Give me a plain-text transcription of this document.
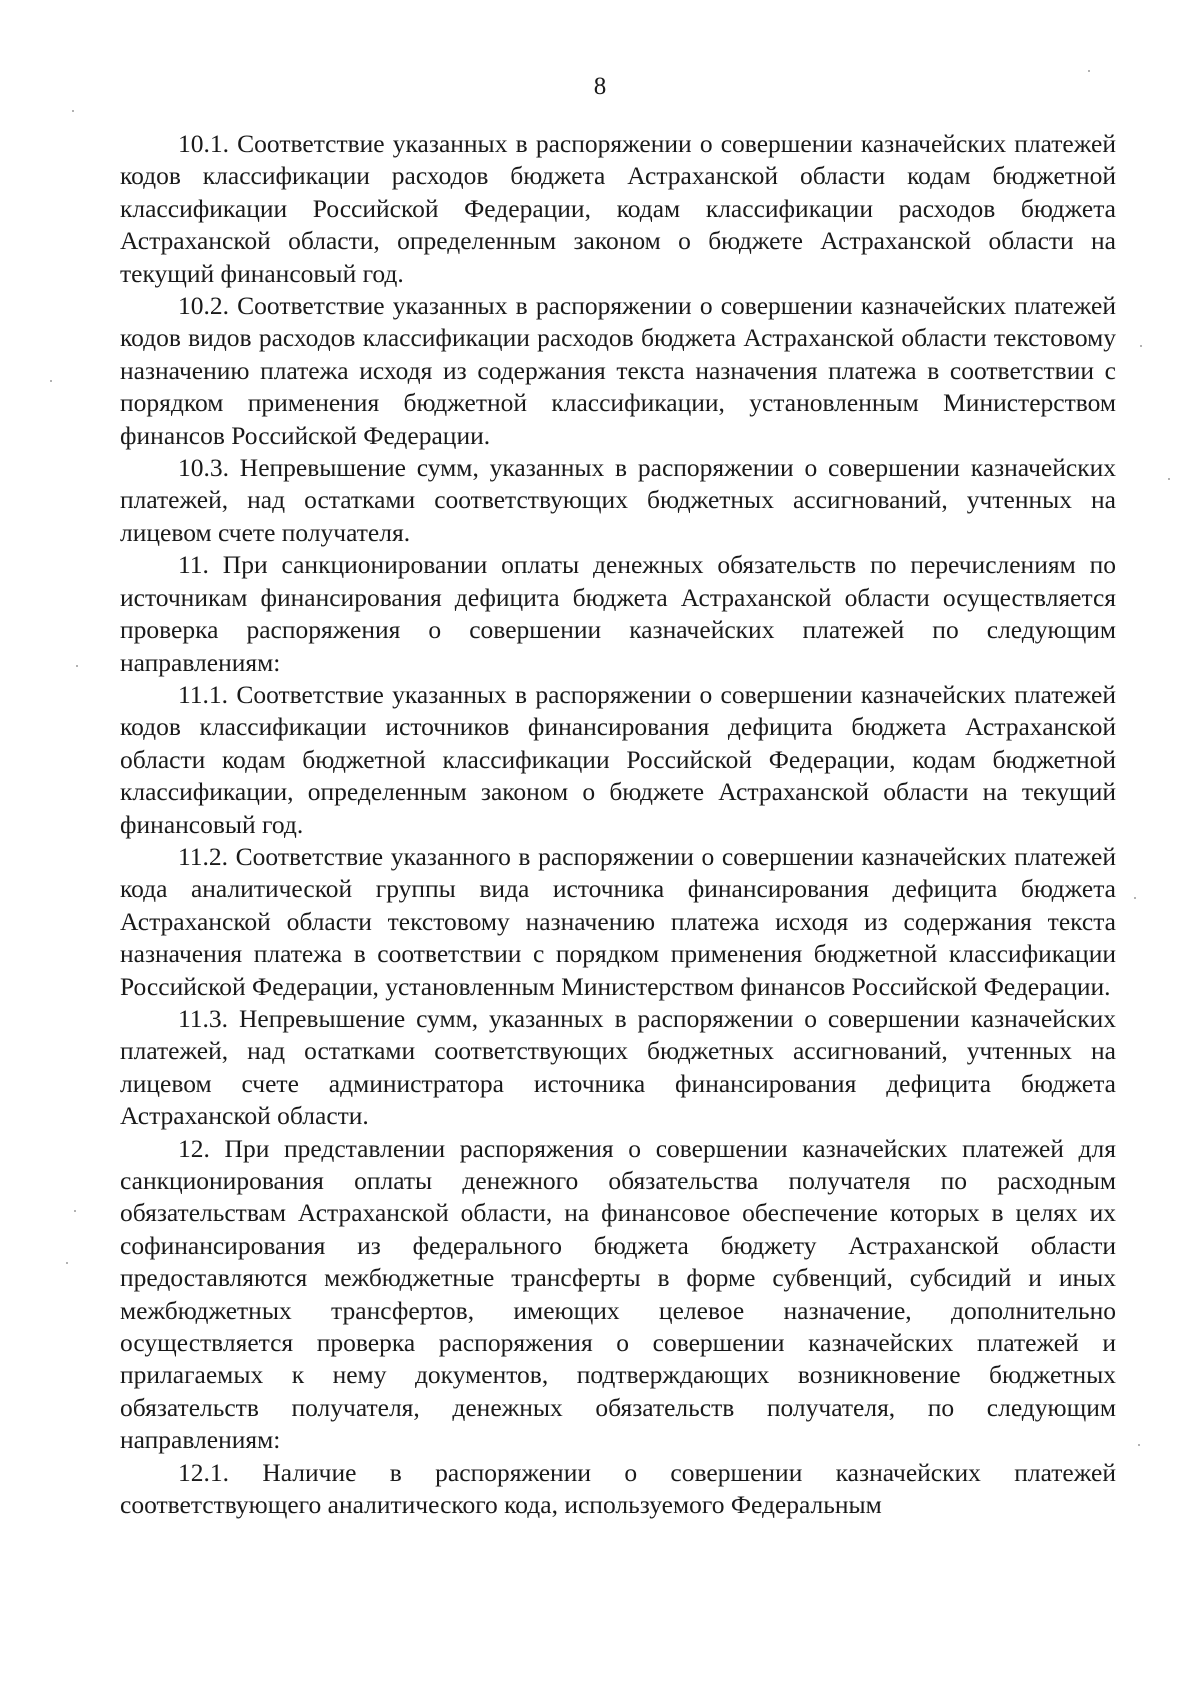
8

10.1. Соответствие указанных в распоряжении о совершении казначейских платежей кодов классификации расходов бюджета Астраханской области кодам бюджетной классификации Российской Федерации, кодам классификации расходов бюджета Астраханской области, определенным законом о бюджете Астраханской области на текущий финансовый год.

10.2. Соответствие указанных в распоряжении о совершении казначейских платежей кодов видов расходов классификации расходов бюджета Астраханской области текстовому назначению платежа исходя из содержания текста назначения платежа в соответствии с порядком применения бюджетной классификации, установленным Министерством финансов Российской Федерации.

10.3. Непревышение сумм, указанных в распоряжении о совершении казначейских платежей, над остатками соответствующих бюджетных ассигнований, учтенных на лицевом счете получателя.

11. При санкционировании оплаты денежных обязательств по перечислениям по источникам финансирования дефицита бюджета Астраханской области осуществляется проверка распоряжения о совершении казначейских платежей по следующим направлениям:

11.1. Соответствие указанных в распоряжении о совершении казначейских платежей кодов классификации источников финансирования дефицита бюджета Астраханской области кодам бюджетной классификации Российской Федерации, кодам бюджетной классификации, определенным законом о бюджете Астраханской области на текущий финансовый год.

11.2. Соответствие указанного в распоряжении о совершении казначейских платежей кода аналитической группы вида источника финансирования дефицита бюджета Астраханской области текстовому назначению платежа исходя из содержания текста назначения платежа в соответствии с порядком применения бюджетной классификации Российской Федерации, установленным Министерством финансов Российской Федерации.

11.3. Непревышение сумм, указанных в распоряжении о совершении казначейских платежей, над остатками соответствующих бюджетных ассигнований, учтенных на лицевом счете администратора источника финансирования дефицита бюджета Астраханской области.

12. При представлении распоряжения о совершении казначейских платежей для санкционирования оплаты денежного обязательства получателя по расходным обязательствам Астраханской области, на финансовое обеспечение которых в целях их софинансирования из федерального бюджета бюджету Астраханской области предоставляются межбюджетные трансферты в форме субвенций, субсидий и иных межбюджетных трансфертов, имеющих целевое назначение, дополнительно осуществляется проверка распоряжения о совершении казначейских платежей и прилагаемых к нему документов, подтверждающих возникновение бюджетных обязательств получателя, денежных обязательств получателя, по следующим направлениям:

12.1. Наличие в распоряжении о совершении казначейских платежей соответствующего аналитического кода, используемого Федеральным
